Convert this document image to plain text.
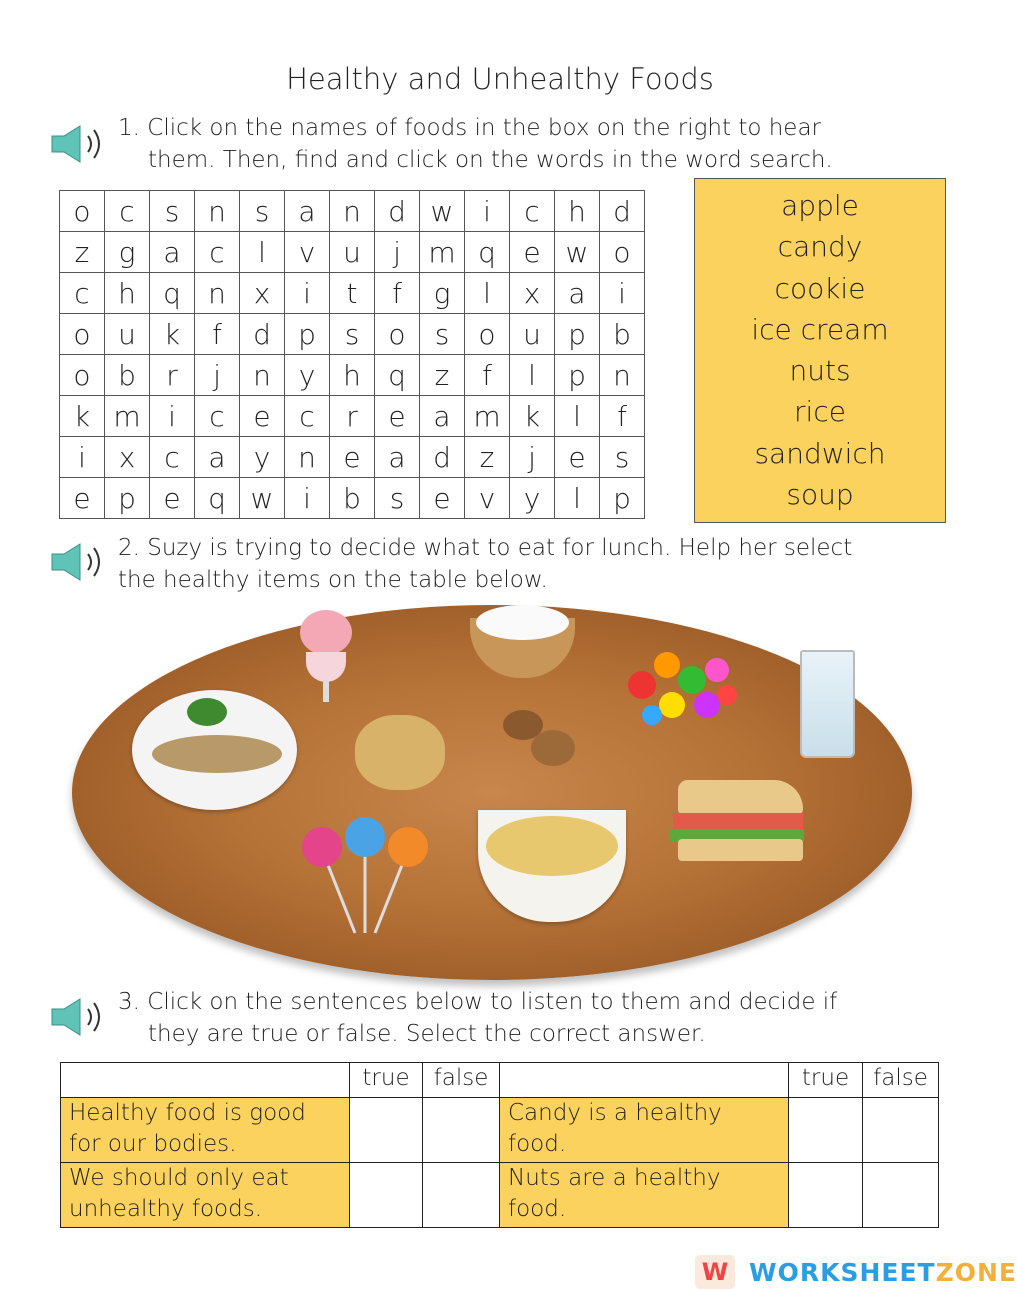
Healthy and Unhealthy Foods
1. Click on the names of foods in the box on the right to hear
them. Then, find and click on the words in the word search.
2. Suzy is trying to decide what to eat for lunch. Help her select
the healthy items on the table below.
3. Click on the sentences below to listen to them and decide if
they are true or false. Select the correct answer.
o	c	s	n	s	a	n	d	w	i	c	h	d
z	g	a	c	l	v	u	j	m	q	e	w	o
c	h	q	n	x	i	t	f	g	l	x	a	i
o	u	k	f	d	p	s	o	s	o	u	p	b
o	b	r	j	n	y	h	q	z	f	l	p	n
k	m	i	c	e	c	r	e	a	m	k	l	f
i	x	c	a	y	n	e	a	d	z	j	e	s
e	p	e	q	w	i	b	s	e	v	y	l	p
apple
candy
cookie
ice cream
nuts
rice
sandwich
soup
	true	false		true	false
Healthy food is good for our bodies.			Candy is a healthy food.		
We should only eat unhealthy foods.			Nuts are a healthy food.		
W WORKSHEET ZONE
